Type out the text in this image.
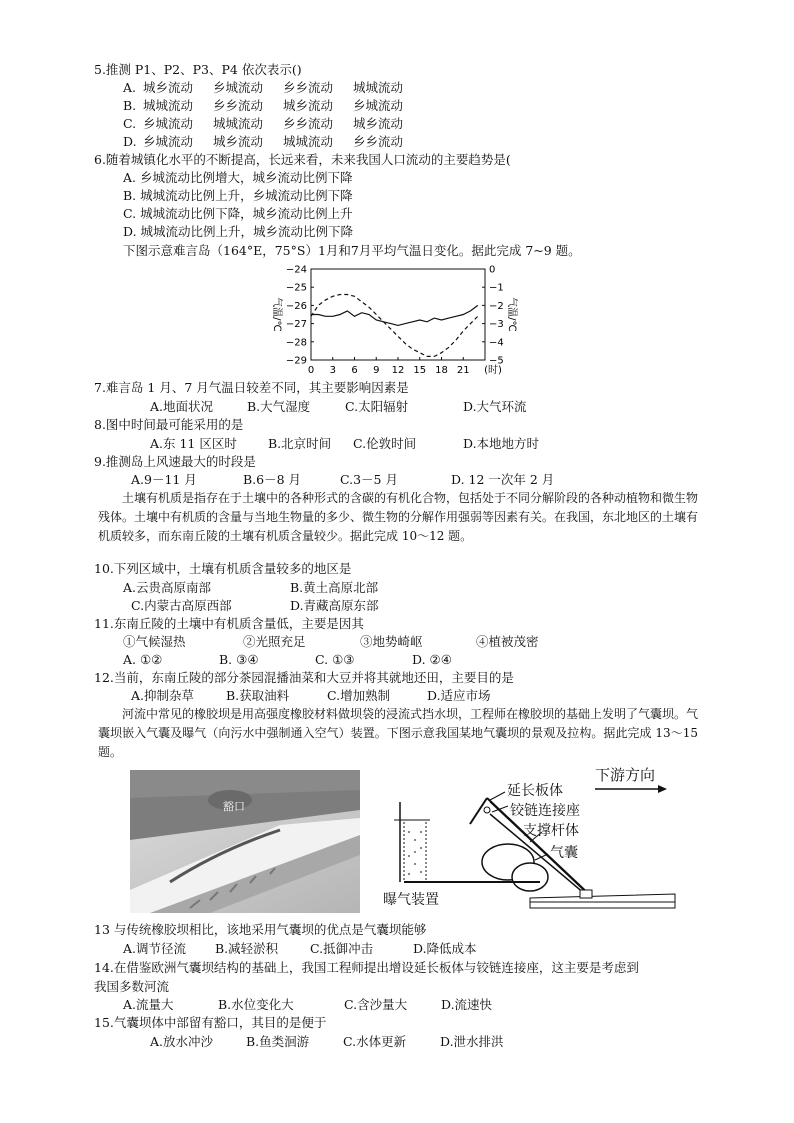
5.推测 P1、P2、P3、P4 依次表示()
A. 城乡流动 乡城流动 乡乡流动 城城流动
B. 城城流动 乡乡流动 城乡流动 乡城流动
C. 乡城流动 城城流动 乡乡流动 城乡流动
D. 乡城流动 城乡流动 城城流动 乡乡流动
6.随着城镇化水平的不断提高，长远来看，未来我国人口流动的主要趋势是(
A. 乡城流动比例增大，城乡流动比例下降
B. 城城流动比例上升，乡城流动比例下降
C. 城城流动比例下降，城乡流动比例上升
D. 城城流动比例上升，城乡流动比例下降
下图示意难言岛（164°E，75°S）1月和7月平均气温日变化。据此完成 7~9 题。
−24
−25
−26
−27
−28
−29
0
−1
−2
−3
−4
−5
0 3 6 9 12 15 18 21 (时)
气温/℃	气温/℃
7.难言岛 1 月、7 月气温日较差不同，其主要影响因素是
A.地面状况	B.大气湿度	C.太阳辐射	D.大气环流
8.图中时间最可能采用的是
A.东 11 区区时 B.北京时间 C.伦敦时间	D.本地地方时
9.推测岛上风速最大的时段是
A.9－11 月	B.6－8 月	C.3－5 月	D. 12 一次年 2 月
土壤有机质是指存在于土壤中的各种形式的含碳的有机化合物，包括处于不同分解阶段的各种动植物和微生物残体。土壤中有机质的含量与当地生物量的多少、微生物的分解作用强弱等因素有关。在我国，东北地区的土壤有机质较多，而东南丘陵的土壤有机质含量较少。据此完成 10～12 题。
10.下列区域中，土壤有机质含量较多的地区是
A.云贵高原南部	B.黄土高原北部
C.内蒙古高原西部	D.青藏高原东部
11.东南丘陵的土壤中有机质含量低，主要是因其
①气候湿热	②光照充足	③地势崎岖	④植被茂密
A. ①②	B. ③④	C. ①③	D. ②④
12.当前，东南丘陵的部分茶园混播油菜和大豆并将其就地还田，主要目的是
A.抑制杂草	B.获取油料	C.增加熟制	D.适应市场
河流中常见的橡胶坝是用高强度橡胶材料做坝袋的浸流式挡水坝，工程师在橡胶坝的基础上发明了气囊坝。气囊坝嵌入气囊及曝气（向污水中强制通入空气）装置。下图示意我国某地气囊坝的景观及拉构。据此完成 13～15 题。
豁口
下游方向
延长板体
铰链连接座
支撑杆体
气囊
曝气装置
13 与传统橡胶坝相比，该地采用气囊坝的优点是气囊坝能够
A.调节径流 B.减轻淤积	C.抵御冲击	D.降低成本
14.在借鉴欧洲气囊坝结构的基础上，我国工程师提出增设延长板体与铰链连接座，这主要是考虑到
我国多数河流
A.流量大	B.水位变化大	C.含沙量大	D.流速快
15.气囊坝体中部留有豁口，其目的是便于
A.放水冲沙	B.鱼类洄游	C.水体更新	D.泄水排洪
